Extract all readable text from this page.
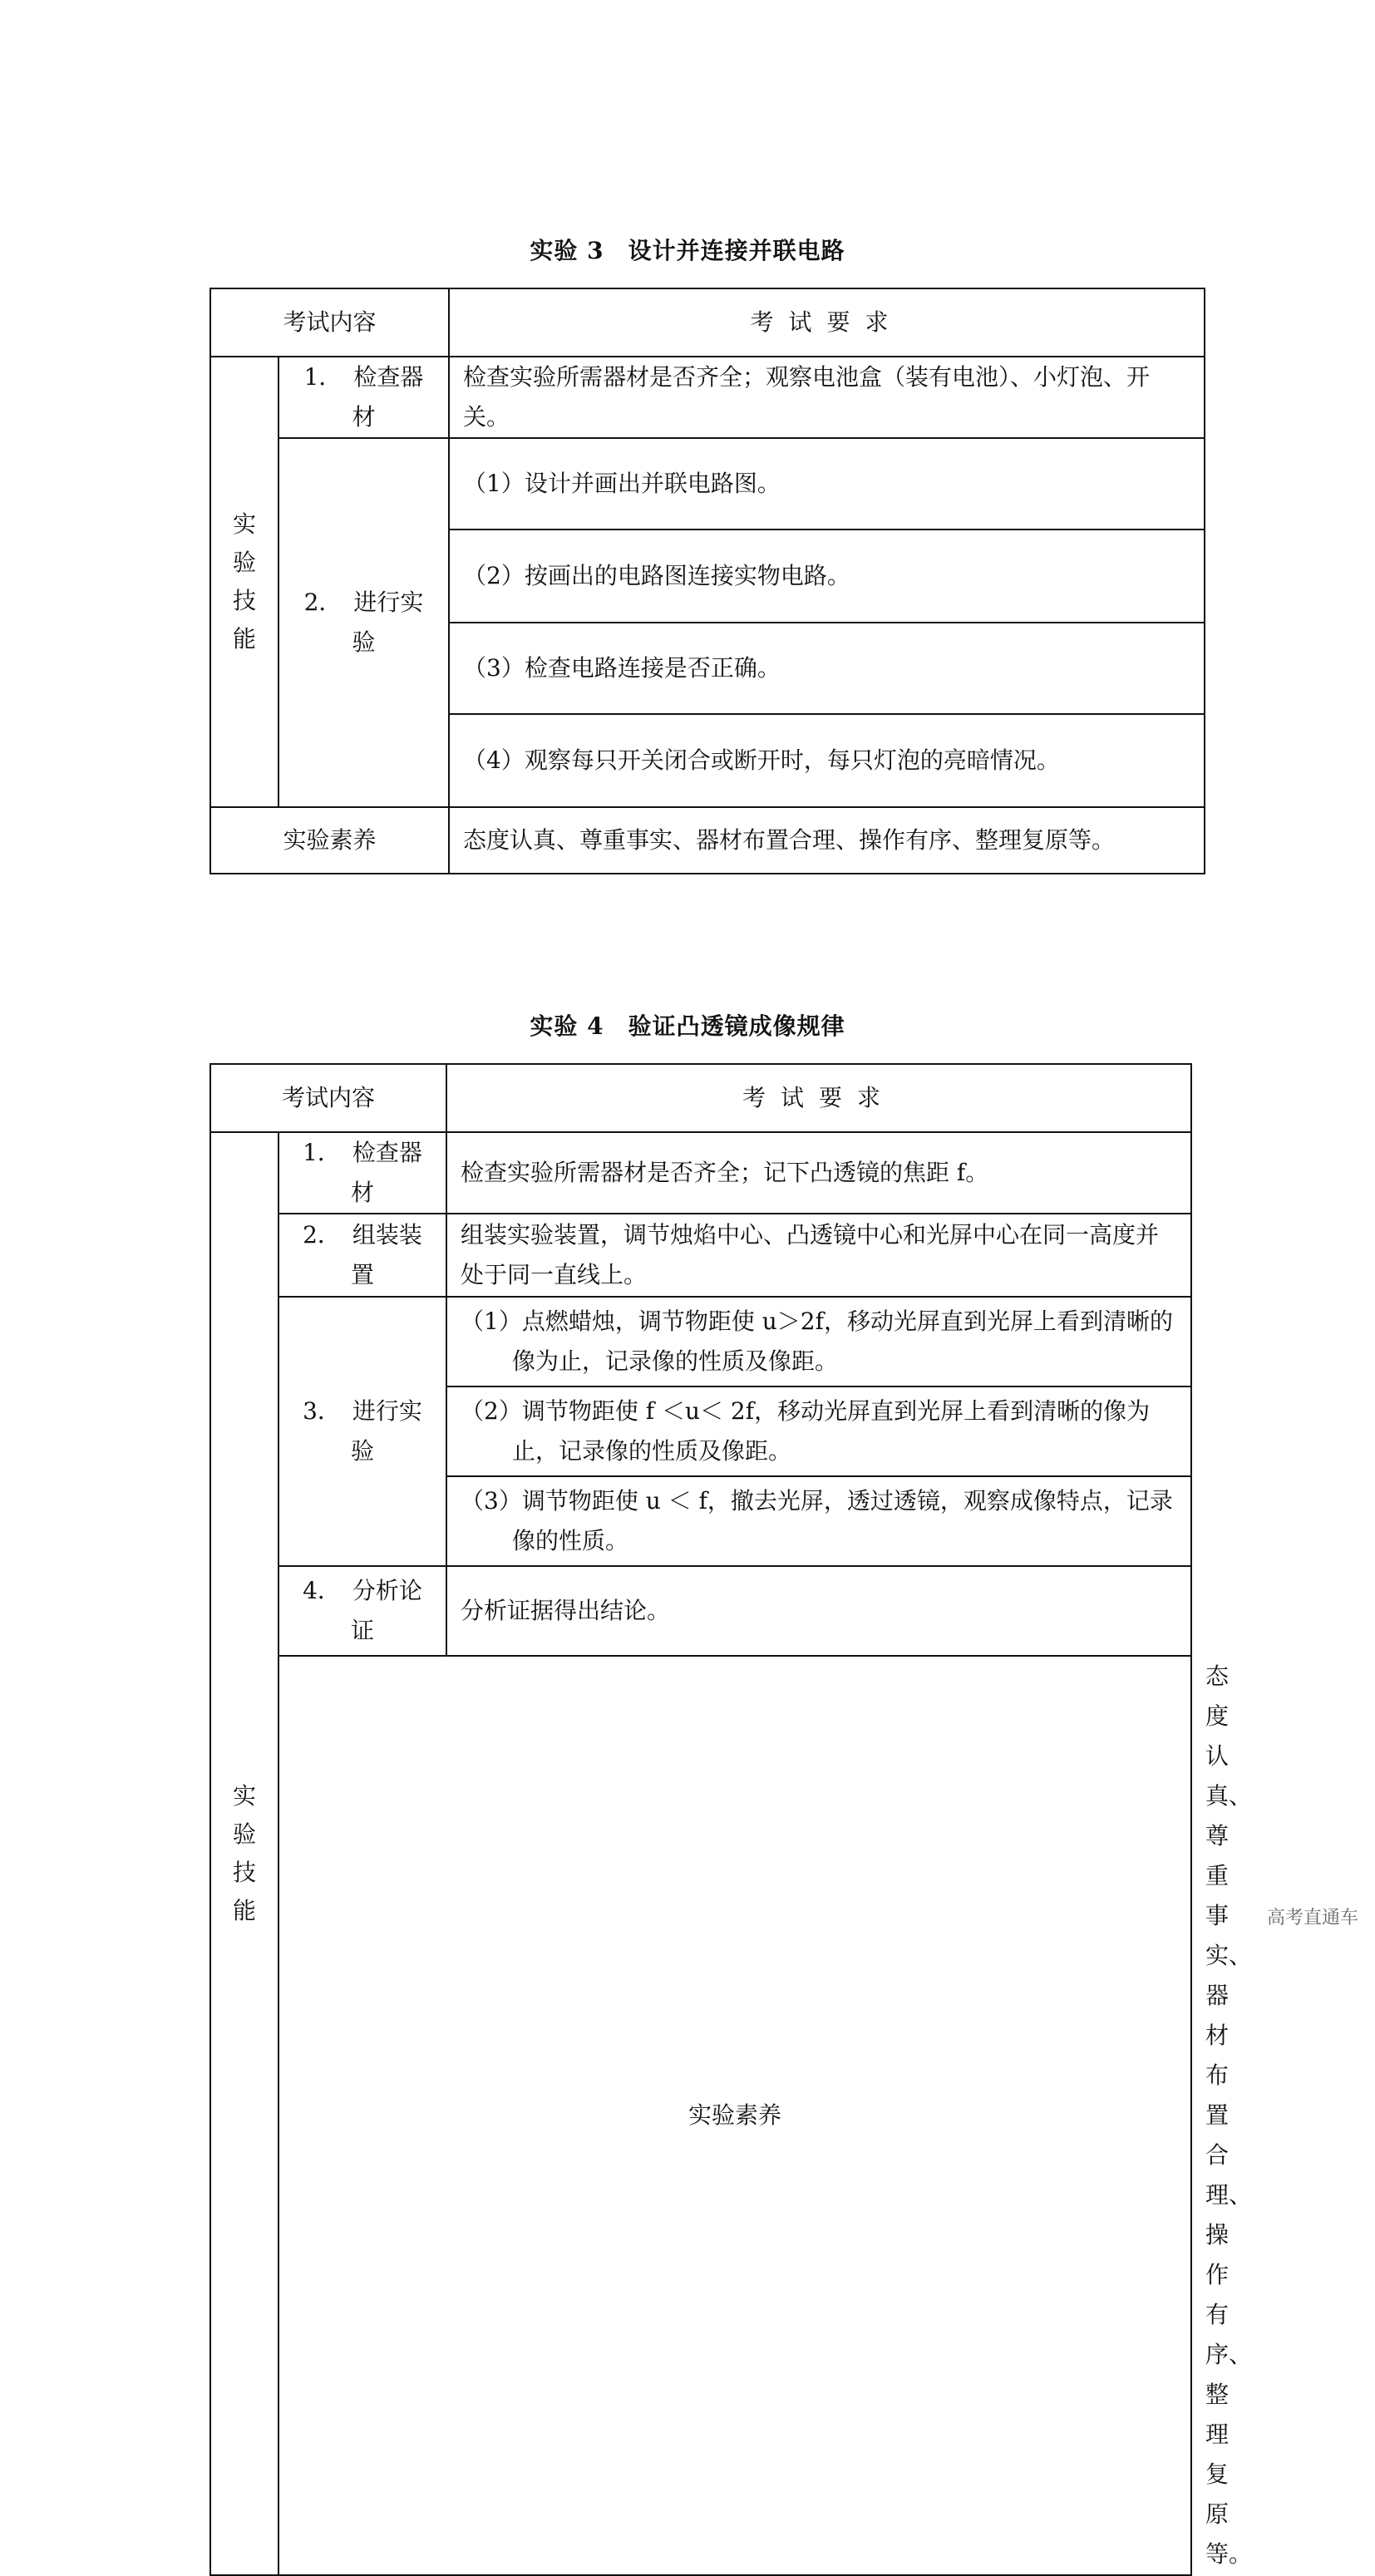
实验 3　设计并连接并联电路
考试内容		考试要求

实
验
技
能	1． 检查器材	检查实验所需器材是否齐全；观察电池盒（装有电池）、小灯泡、开关。
	2． 进行实验	（1）设计并画出并联电路图。
		（2）按画出的电路图连接实物电路。
		（3）检查电路连接是否正确。
		（4）观察每只开关闭合或断开时，每只灯泡的亮暗情况。
实验素养		态度认真、尊重事实、器材布置合理、操作有序、整理复原等。
实验 4　验证凸透镜成像规律
考试内容		考试要求	

实
验
技
能	1． 检查器材	检查实验所需器材是否齐全；记下凸透镜的焦距 f。	
	2． 组装装置	组装实验装置，调节烛焰中心、凸透镜中心和光屏中心在同一高度并处于同一直线上。	
	3． 进行实验	（1）点燃蜡烛，调节物距使 u＞2f，移动光屏直到光屏上看到清晰的像为止，记录像的性质及像距。	
		（2）调节物距使 f ＜u＜ 2f，移动光屏直到光屏上看到清晰的像为止，记录像的性质及像距。	
		（3）调节物距使 u ＜ f，撤去光屏，透过透镜，观察成像特点，记录像的性质。	
	4． 分析论证	分析证据得出结论。	
	实验素养		态度认真、尊重事实、器材布置合理、操作有序、整理复原等。
高考直通车
